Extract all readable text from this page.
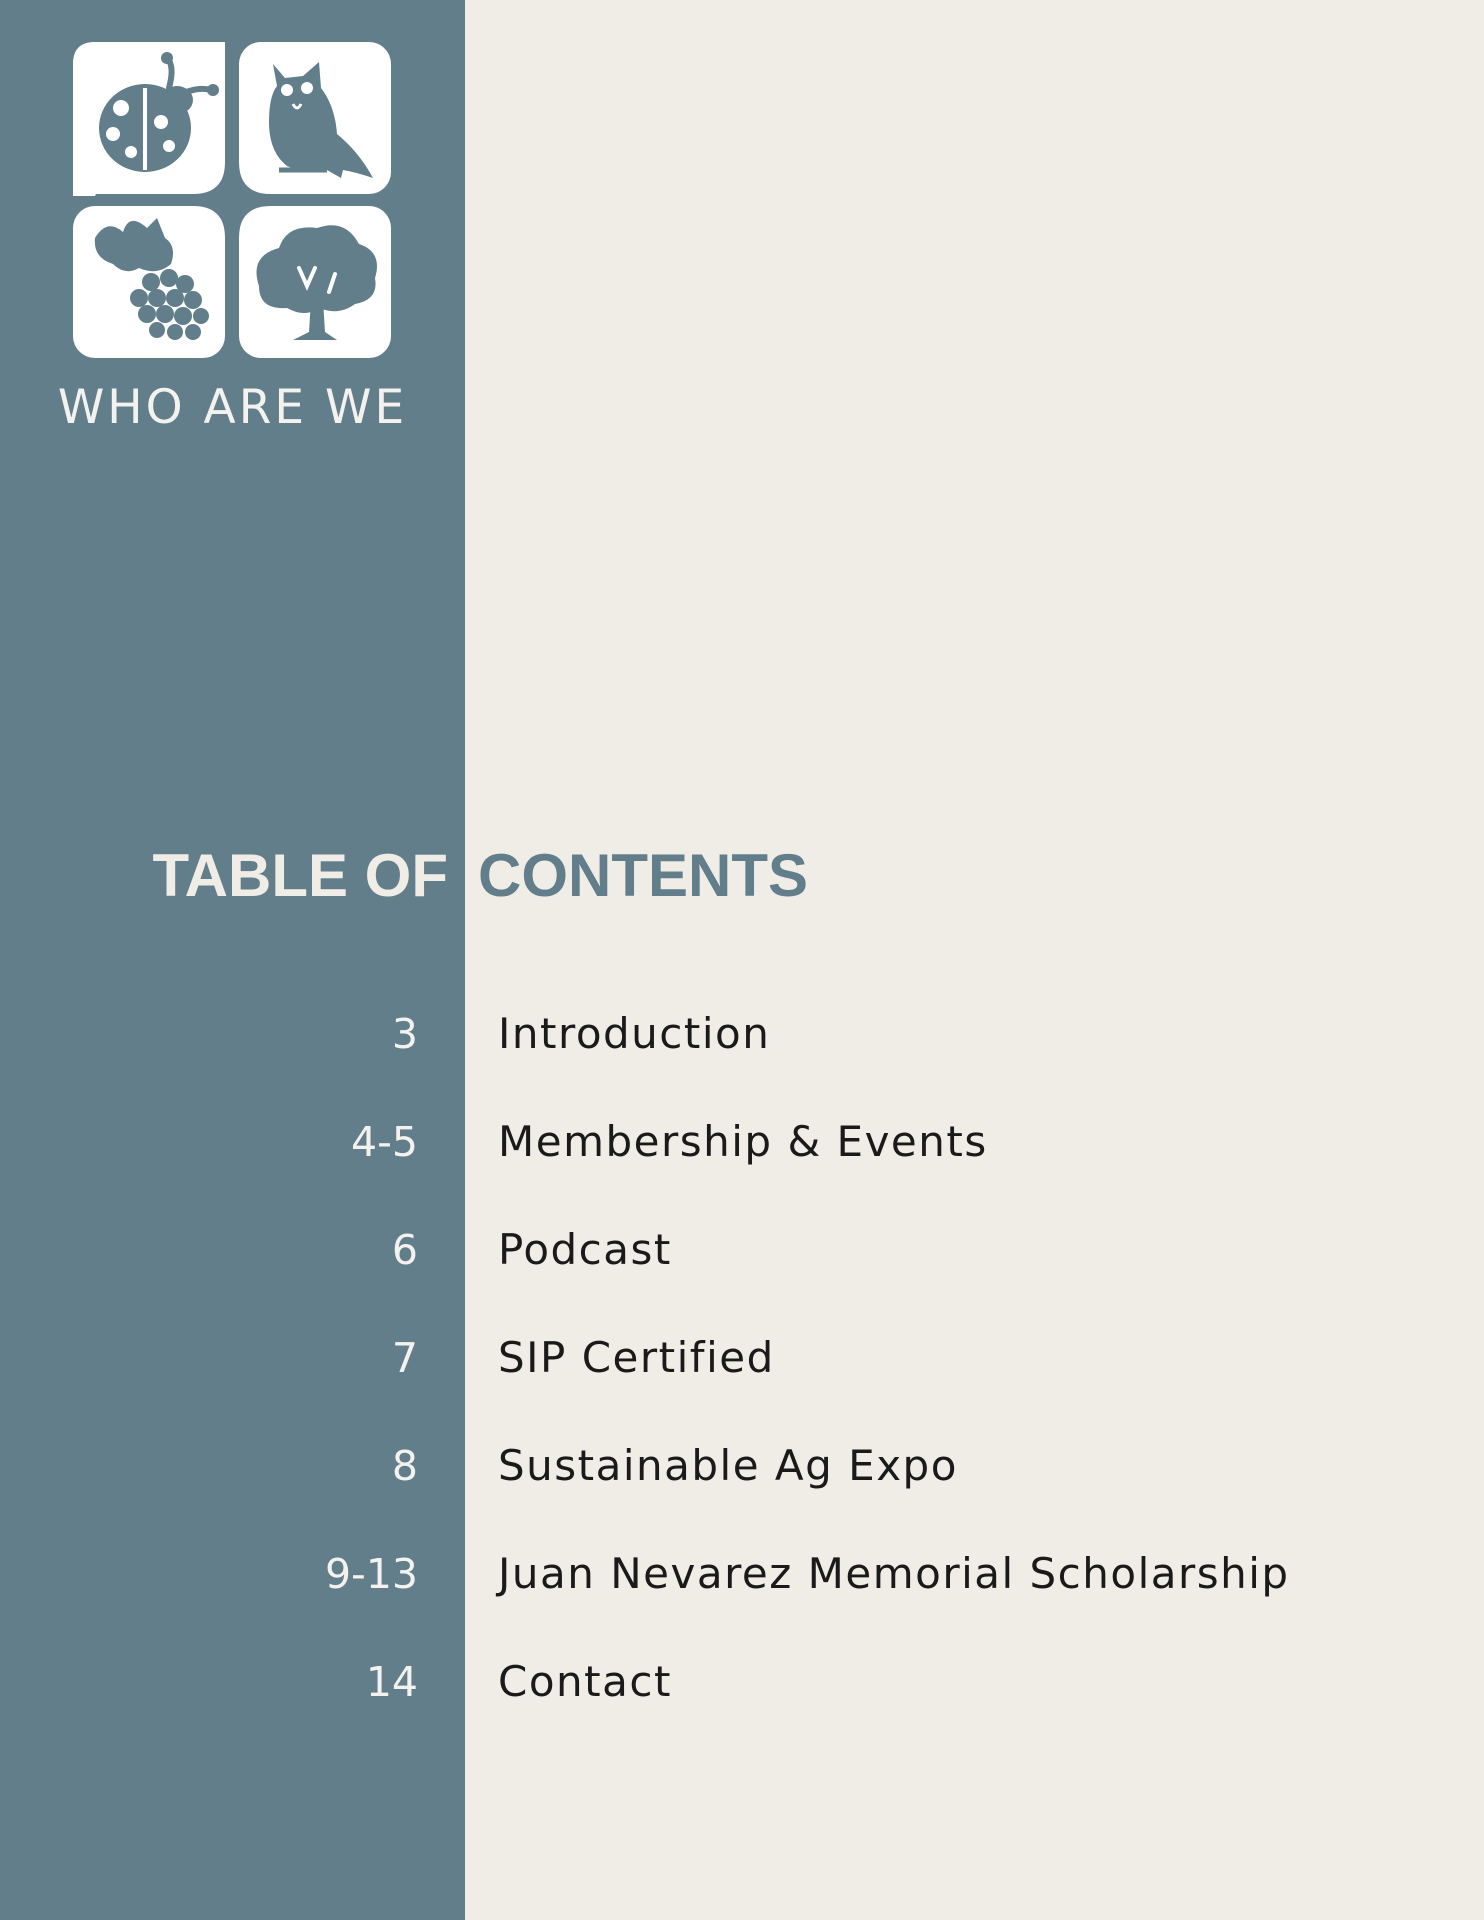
WHO ARE WE
TABLE OF CONTENTS
3 Introduction
4-5 Membership & Events
6 Podcast
7 SIP Certified
8 Sustainable Ag Expo
9-13 Juan Nevarez Memorial Scholarship
14 Contact
